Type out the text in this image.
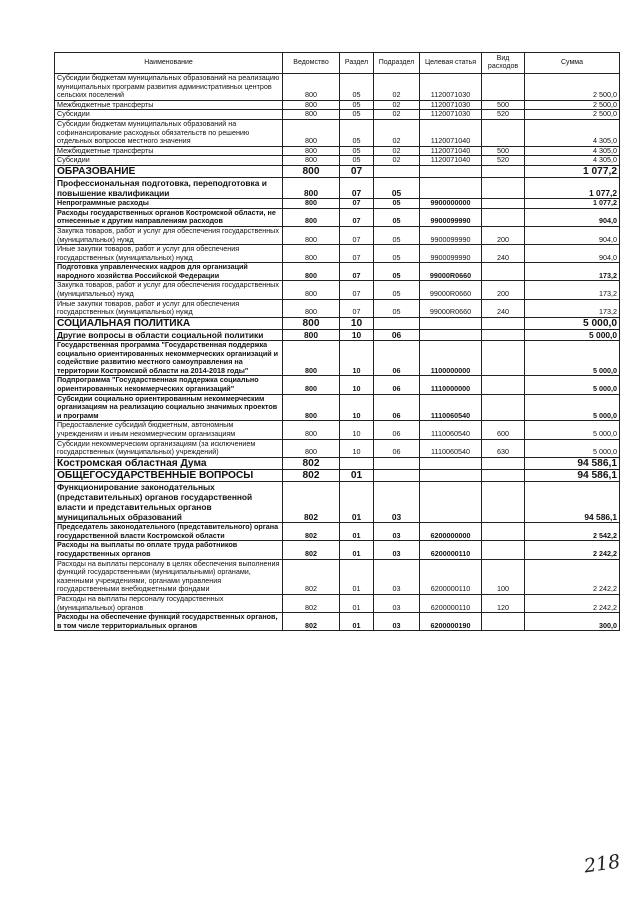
Наименование	Ведомство	Раздел	Подраздел	Целевая статья	Вид расходов	Сумма
Субсидии бюджетам муниципальных образований на реализацию муниципальных программ развития административных центров сельских поселений	800	05	02	1120071030		2 500,0
Межбюджетные трансферты	800	05	02	1120071030	500	2 500,0
Субсидии	800	05	02	1120071030	520	2 500,0
Субсидии бюджетам муниципальных образований на софинансирование расходных обязательств по решению отдельных вопросов местного значения	800	05	02	1120071040		4 305,0
Межбюджетные трансферты	800	05	02	1120071040	500	4 305,0
Субсидии	800	05	02	1120071040	520	4 305,0
ОБРАЗОВАНИЕ	800	07				1 077,2
Профессиональная подготовка, переподготовка и повышение квалификации	800	07	05			1 077,2
Непрограммные расходы	800	07	05	9900000000		1 077,2
Расходы государственных органов Костромской области, не отнесенные к другим направлениям расходов	800	07	05	9900099990		904,0
Закупка товаров, работ и услуг для обеспечения государственных (муниципальных) нужд	800	07	05	9900099990	200	904,0
Иные закупки товаров, работ и услуг для обеспечения государственных (муниципальных) нужд	800	07	05	9900099990	240	904,0
Подготовка управленческих кадров для организаций народного хозяйства Российской Федерации	800	07	05	99000R0660		173,2
Закупка товаров, работ и услуг для обеспечения государственных (муниципальных) нужд	800	07	05	99000R0660	200	173,2
Иные закупки товаров, работ и услуг для обеспечения государственных (муниципальных) нужд	800	07	05	99000R0660	240	173,2
СОЦИАЛЬНАЯ ПОЛИТИКА	800	10				5 000,0
Другие вопросы в области социальной политики	800	10	06			5 000,0
Государственная программа "Государственная поддержка социально ориентированных некоммерческих организаций и содействие развитию местного самоуправления на территории Костромской области на 2014-2018 годы"	800	10	06	1100000000		5 000,0
Подпрограмма "Государственная поддержка социально ориентированных некоммерческих организаций"	800	10	06	1110000000		5 000,0
Субсидии социально ориентированным некоммерческим организациям на реализацию социально значимых проектов и программ	800	10	06	1110060540		5 000,0
Предоставление субсидий бюджетным, автономным учреждениям и иным некоммерческим организациям	800	10	06	1110060540	600	5 000,0
Субсидии некоммерческим организациям (за исключением государственных (муниципальных) учреждений)	800	10	06	1110060540	630	5 000,0
Костромская областная Дума	802					94 586,1
ОБЩЕГОСУДАРСТВЕННЫЕ ВОПРОСЫ	802	01				94 586,1
Функционирование законодательных (представительных) органов государственной власти и представительных органов муниципальных образований	802	01	03			94 586,1
Председатель законодательного (представительного) органа государственной власти Костромской области	802	01	03	6200000000		2 542,2
Расходы на выплаты по оплате труда работников государственных органов	802	01	03	6200000110		2 242,2
Расходы на выплаты персоналу в целях обеспечения выполнения функций государственными (муниципальными) органами, казенными учреждениями, органами управления государственными внебюджетными фондами	802	01	03	6200000110	100	2 242,2
Расходы на выплаты персоналу государственных (муниципальных) органов	802	01	03	6200000110	120	2 242,2
Расходы на обеспечение функций государственных органов, в том числе территориальных органов	802	01	03	6200000190		300,0
218
